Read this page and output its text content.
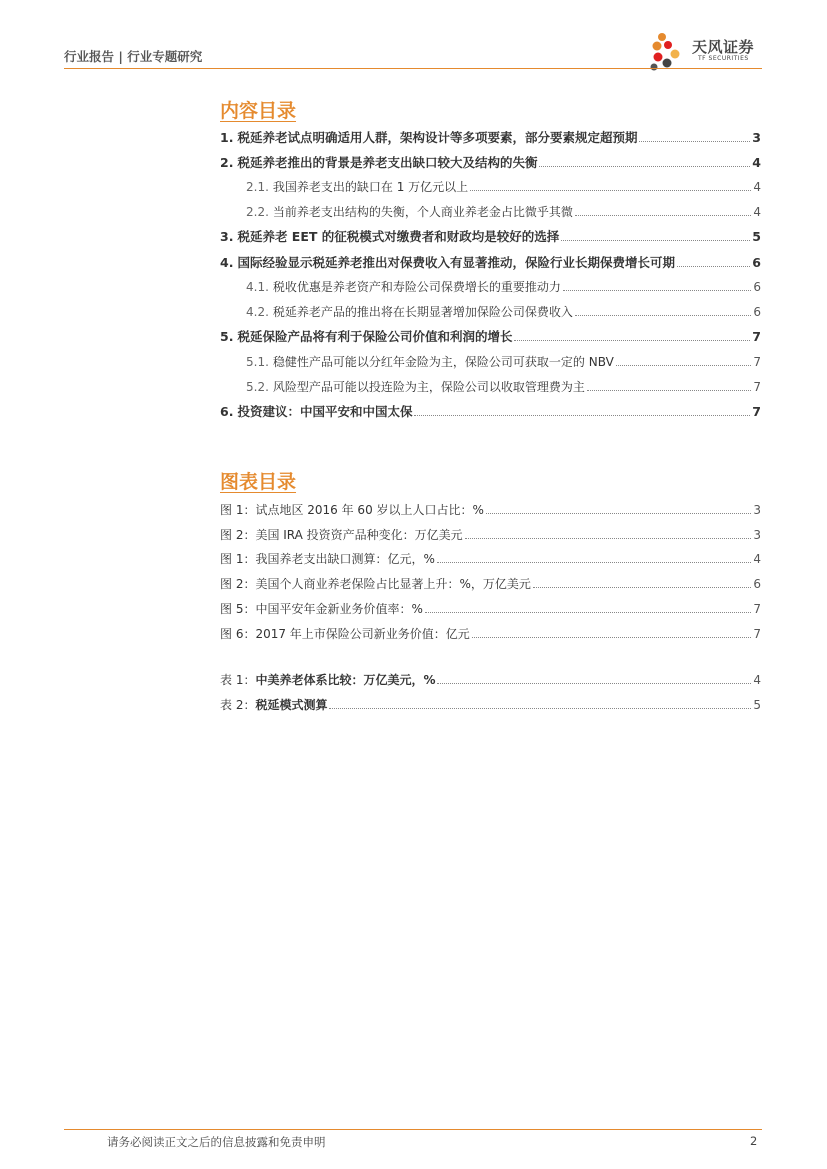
行业报告 | 行业专题研究
天风证券
TF SECURITIES
内容目录
1. 税延养老试点明确适用人群，架构设计等多项要素，部分要素规定超预期	3
2. 税延养老推出的背景是养老支出缺口较大及结构的失衡	4
2.1. 我国养老支出的缺口在 1 万亿元以上	4
2.2. 当前养老支出结构的失衡，个人商业养老金占比微乎其微	4
3. 税延养老 EET 的征税模式对缴费者和财政均是较好的选择	5
4. 国际经验显示税延养老推出对保费收入有显著推动，保险行业长期保费增长可期	6
4.1. 税收优惠是养老资产和寿险公司保费增长的重要推动力	6
4.2. 税延养老产品的推出将在长期显著增加保险公司保费收入	6
5. 税延保险产品将有利于保险公司价值和利润的增长	7
5.1. 稳健性产品可能以分红年金险为主，保险公司可获取一定的 NBV	7
5.2. 风险型产品可能以投连险为主，保险公司以收取管理费为主	7
6. 投资建议：中国平安和中国太保	7
图表目录
图 1：试点地区 2016 年 60 岁以上人口占比：%	3
图 2：美国 IRA 投资资产品种变化：万亿美元	3
图 1：我国养老支出缺口测算：亿元，%	4
图 2：美国个人商业养老保险占比显著上升：%，万亿美元	6
图 5：中国平安年金新业务价值率：%	7
图 6：2017 年上市保险公司新业务价值：亿元	7
表 1： 中美养老体系比较：万亿美元，%	4
表 2： 税延模式测算	5
请务必阅读正文之后的信息披露和免责申明	2
